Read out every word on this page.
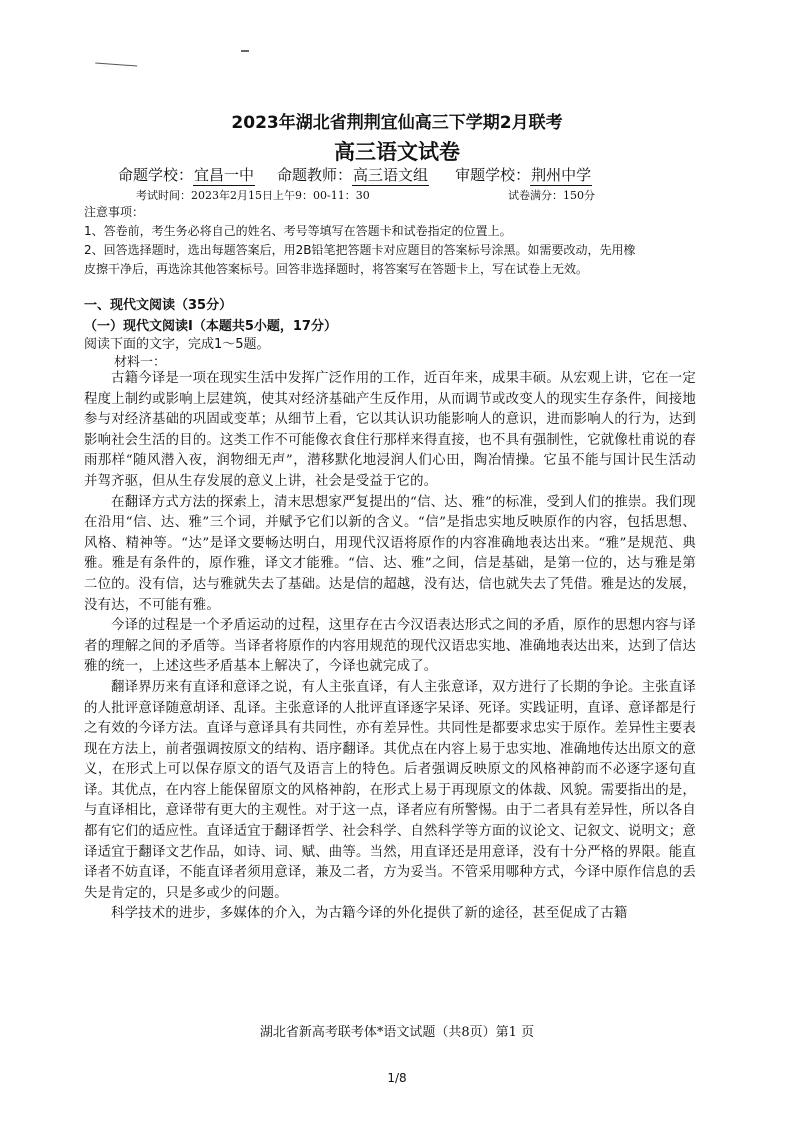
2023年湖北省荆荆宜仙高三下学期2月联考
高三语文试卷
命题学校：宜昌一中 命题教师：高三语文组 审题学校：荆州中学
考试时间：2023年2月15日上午9：00-11：30	试卷满分：150分
注意事项：
1、答卷前，考生务必将自己的姓名、考号等填写在答题卡和试卷指定的位置上。
2、回答选择题时，选出每题答案后，用2B铅笔把答题卡对应题目的答案标号涂黑。如需要改动，先用橡
皮擦干净后，再选涂其他答案标号。回答非选择题时，将答案写在答题卡上，写在试卷上无效。
一、现代文阅读（35分）
（一）现代文阅读Ⅰ（本题共5小题，17分）
阅读下面的文字，完成1～5题。
材料一：

古籍今译是一项在现实生活中发挥广泛作用的工作，近百年来，成果丰硕。从宏观上讲，它在一定程度上制约或影响上层建筑，使其对经济基础产生反作用，从而调节或改变人的现实生存条件，间接地参与对经济基础的巩固或变革；从细节上看，它以其认识功能影响人的意识，进而影响人的行为，达到影响社会生活的目的。这类工作不可能像衣食住行那样来得直接，也不具有强制性，它就像杜甫说的春雨那样“随风潜入夜，润物细无声”，潜移默化地浸润人们心田，陶冶情操。它虽不能与国计民生活动并驾齐驱，但从生存发展的意义上讲，社会是受益于它的。

在翻译方式方法的探索上，清末思想家严复提出的“信、达、雅”的标准，受到人们的推崇。我们现在沿用“信、达、雅”三个词，并赋予它们以新的含义。“信”是指忠实地反映原作的内容，包括思想、风格、精神等。“达”是译文要畅达明白，用现代汉语将原作的内容准确地表达出来。“雅”是规范、典雅。雅是有条件的，原作雅，译文才能雅。“信、达、雅”之间，信是基础，是第一位的，达与雅是第二位的。没有信，达与雅就失去了基础。达是信的超越，没有达，信也就失去了凭借。雅是达的发展，没有达，不可能有雅。

今译的过程是一个矛盾运动的过程，这里存在古今汉语表达形式之间的矛盾，原作的思想内容与译者的理解之间的矛盾等。当译者将原作的内容用规范的现代汉语忠实地、准确地表达出来，达到了信达雅的统一，上述这些矛盾基本上解决了，今译也就完成了。

翻译界历来有直译和意译之说，有人主张直译，有人主张意译，双方进行了长期的争论。主张直译的人批评意译随意胡译、乱译。主张意译的人批评直译逐字呆译、死译。实践证明，直译、意译都是行之有效的今译方法。直译与意译具有共同性，亦有差异性。共同性是都要求忠实于原作。差异性主要表现在方法上，前者强调按原文的结构、语序翻译。其优点在内容上易于忠实地、准确地传达出原文的意义，在形式上可以保存原文的语气及语言上的特色。后者强调反映原文的风格神韵而不必逐字逐句直译。其优点，在内容上能保留原文的风格神韵，在形式上易于再现原文的体裁、风貌。需要指出的是，与直译相比，意译带有更大的主观性。对于这一点，译者应有所警惕。由于二者具有差异性，所以各自都有它们的适应性。直译适宜于翻译哲学、社会科学、自然科学等方面的议论文、记叙文、说明文；意译适宜于翻译文艺作品，如诗、词、赋、曲等。当然，用直译还是用意译，没有十分严格的界限。能直译者不妨直译，不能直译者须用意译，兼及二者，方为妥当。不管采用哪种方式，今译中原作信息的丢失是肯定的，只是多或少的问题。

科学技术的进步，多媒体的介入，为古籍今译的外化提供了新的途径，甚至促成了古籍

湖北省新高考联考体*语文试题（共8页）第1 页
1/8
